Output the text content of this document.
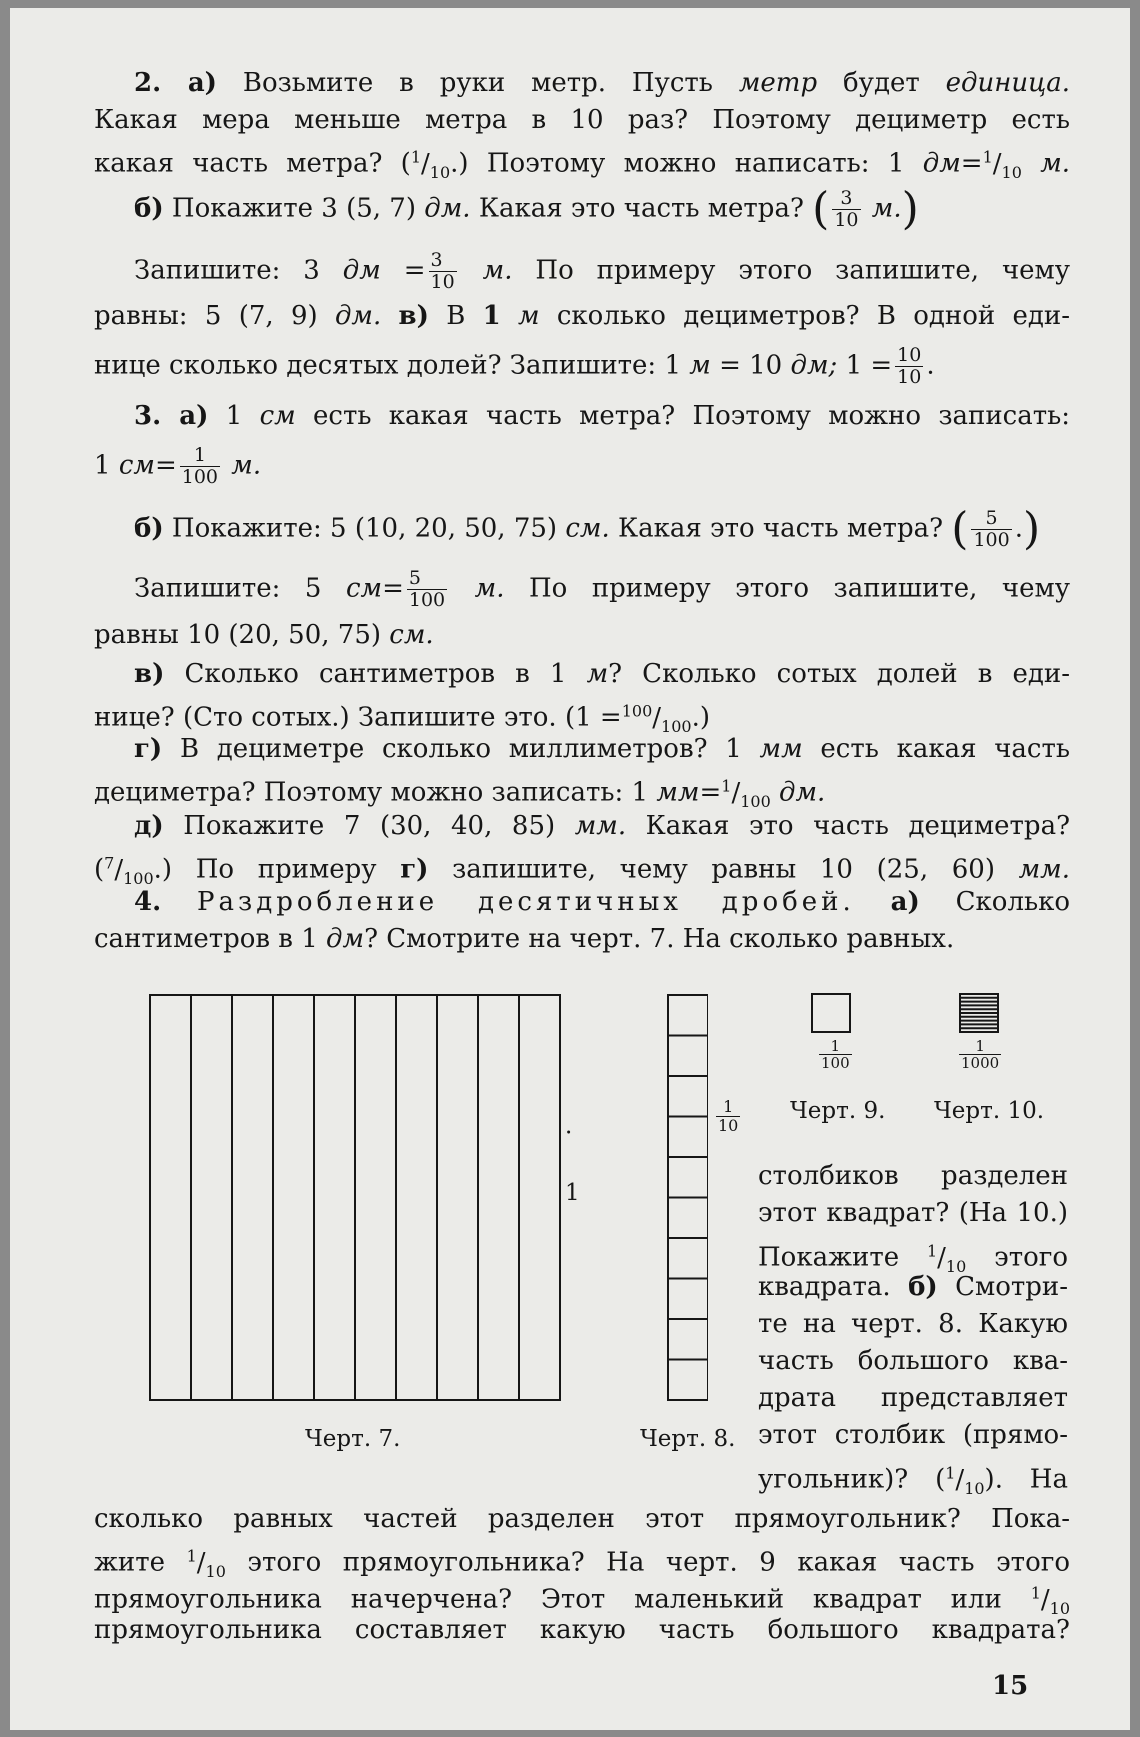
2. а) Возьмите в руки метр. Пусть метр будет единица.
Какая мера меньше метра в 10 раз? Поэтому дециметр есть
какая часть метра? $(^1/_{10}.)$ Поэтому можно написать: 1 $дм=^1/_{10}$ м.
б) Покажите 3 (5, 7) дм. Какая это часть метра? ( $\frac{3}{10} м$.)
Запишите: 3 дм = $\frac{3}{10} м$. По примеру этого запишите, чему
равны: 5 (7, 9) дм. в) В 1 м сколько дециметров? В одной еди-
нице сколько десятых долей? Запишите: 1 м = 10 дм; $1 = \frac{10}{10}$ .
3. а) 1 см есть какая часть метра? Поэтому можно записать:
1 $см= \frac{1}{100} м$.
б) Покажите: 5 (10, 20, 50, 75) см. Какая это часть метра? ( $\frac{5}{100}$ .)
Запишите: 5 $см= \frac{5}{100} м$. По примеру этого запишите, чему
равны 10 (20, 50, 75) см.
в) Сколько сантиметров в 1 м? Сколько сотых долей в еди-
нице? (Сто сотых.) Запишите это. $(1 =^{100}/_{100}.)$
г) В дециметре сколько миллиметров? 1 мм есть какая часть
дециметра? Поэтому можно записать: 1 $мм=^1/_{100}$ дм.
д) Покажите 7 (30, 40, 85) мм. Какая это часть дециметра?
$(^7/_{100}.)$ По примеру г) запишите, чему равны 10 (25, 60) мм.
4. Раздробление десятичных дробей. а) Сколько
сантиметров в 1 дм? Смотрите на черт. 7. На сколько равных.
1
·
Черт. 7.
$\frac{1}{10}$
Черт. 8.
$\frac{1}{100}$
Черт. 9.
$\frac{1}{1000}$
Черт. 10.
столбиков разделен
этот квадрат? (На 10.)
Покажите $^1/_{10}$ этого
квадрата. б) Смотри-
те на черт. 8. Какую
часть большого ква-
драта представляет
этот столбик (прямо-
угольник)? $(^1/_{10})$. На
сколько равных частей разделен этот прямоугольник? Пока-
жите $^1/_{10}$ этого прямоугольника? На черт. 9 какая часть этого
прямоугольника начерчена? Этот маленький квадрат или $^1/_{10}$
прямоугольника составляет какую часть большого квадрата?
15
